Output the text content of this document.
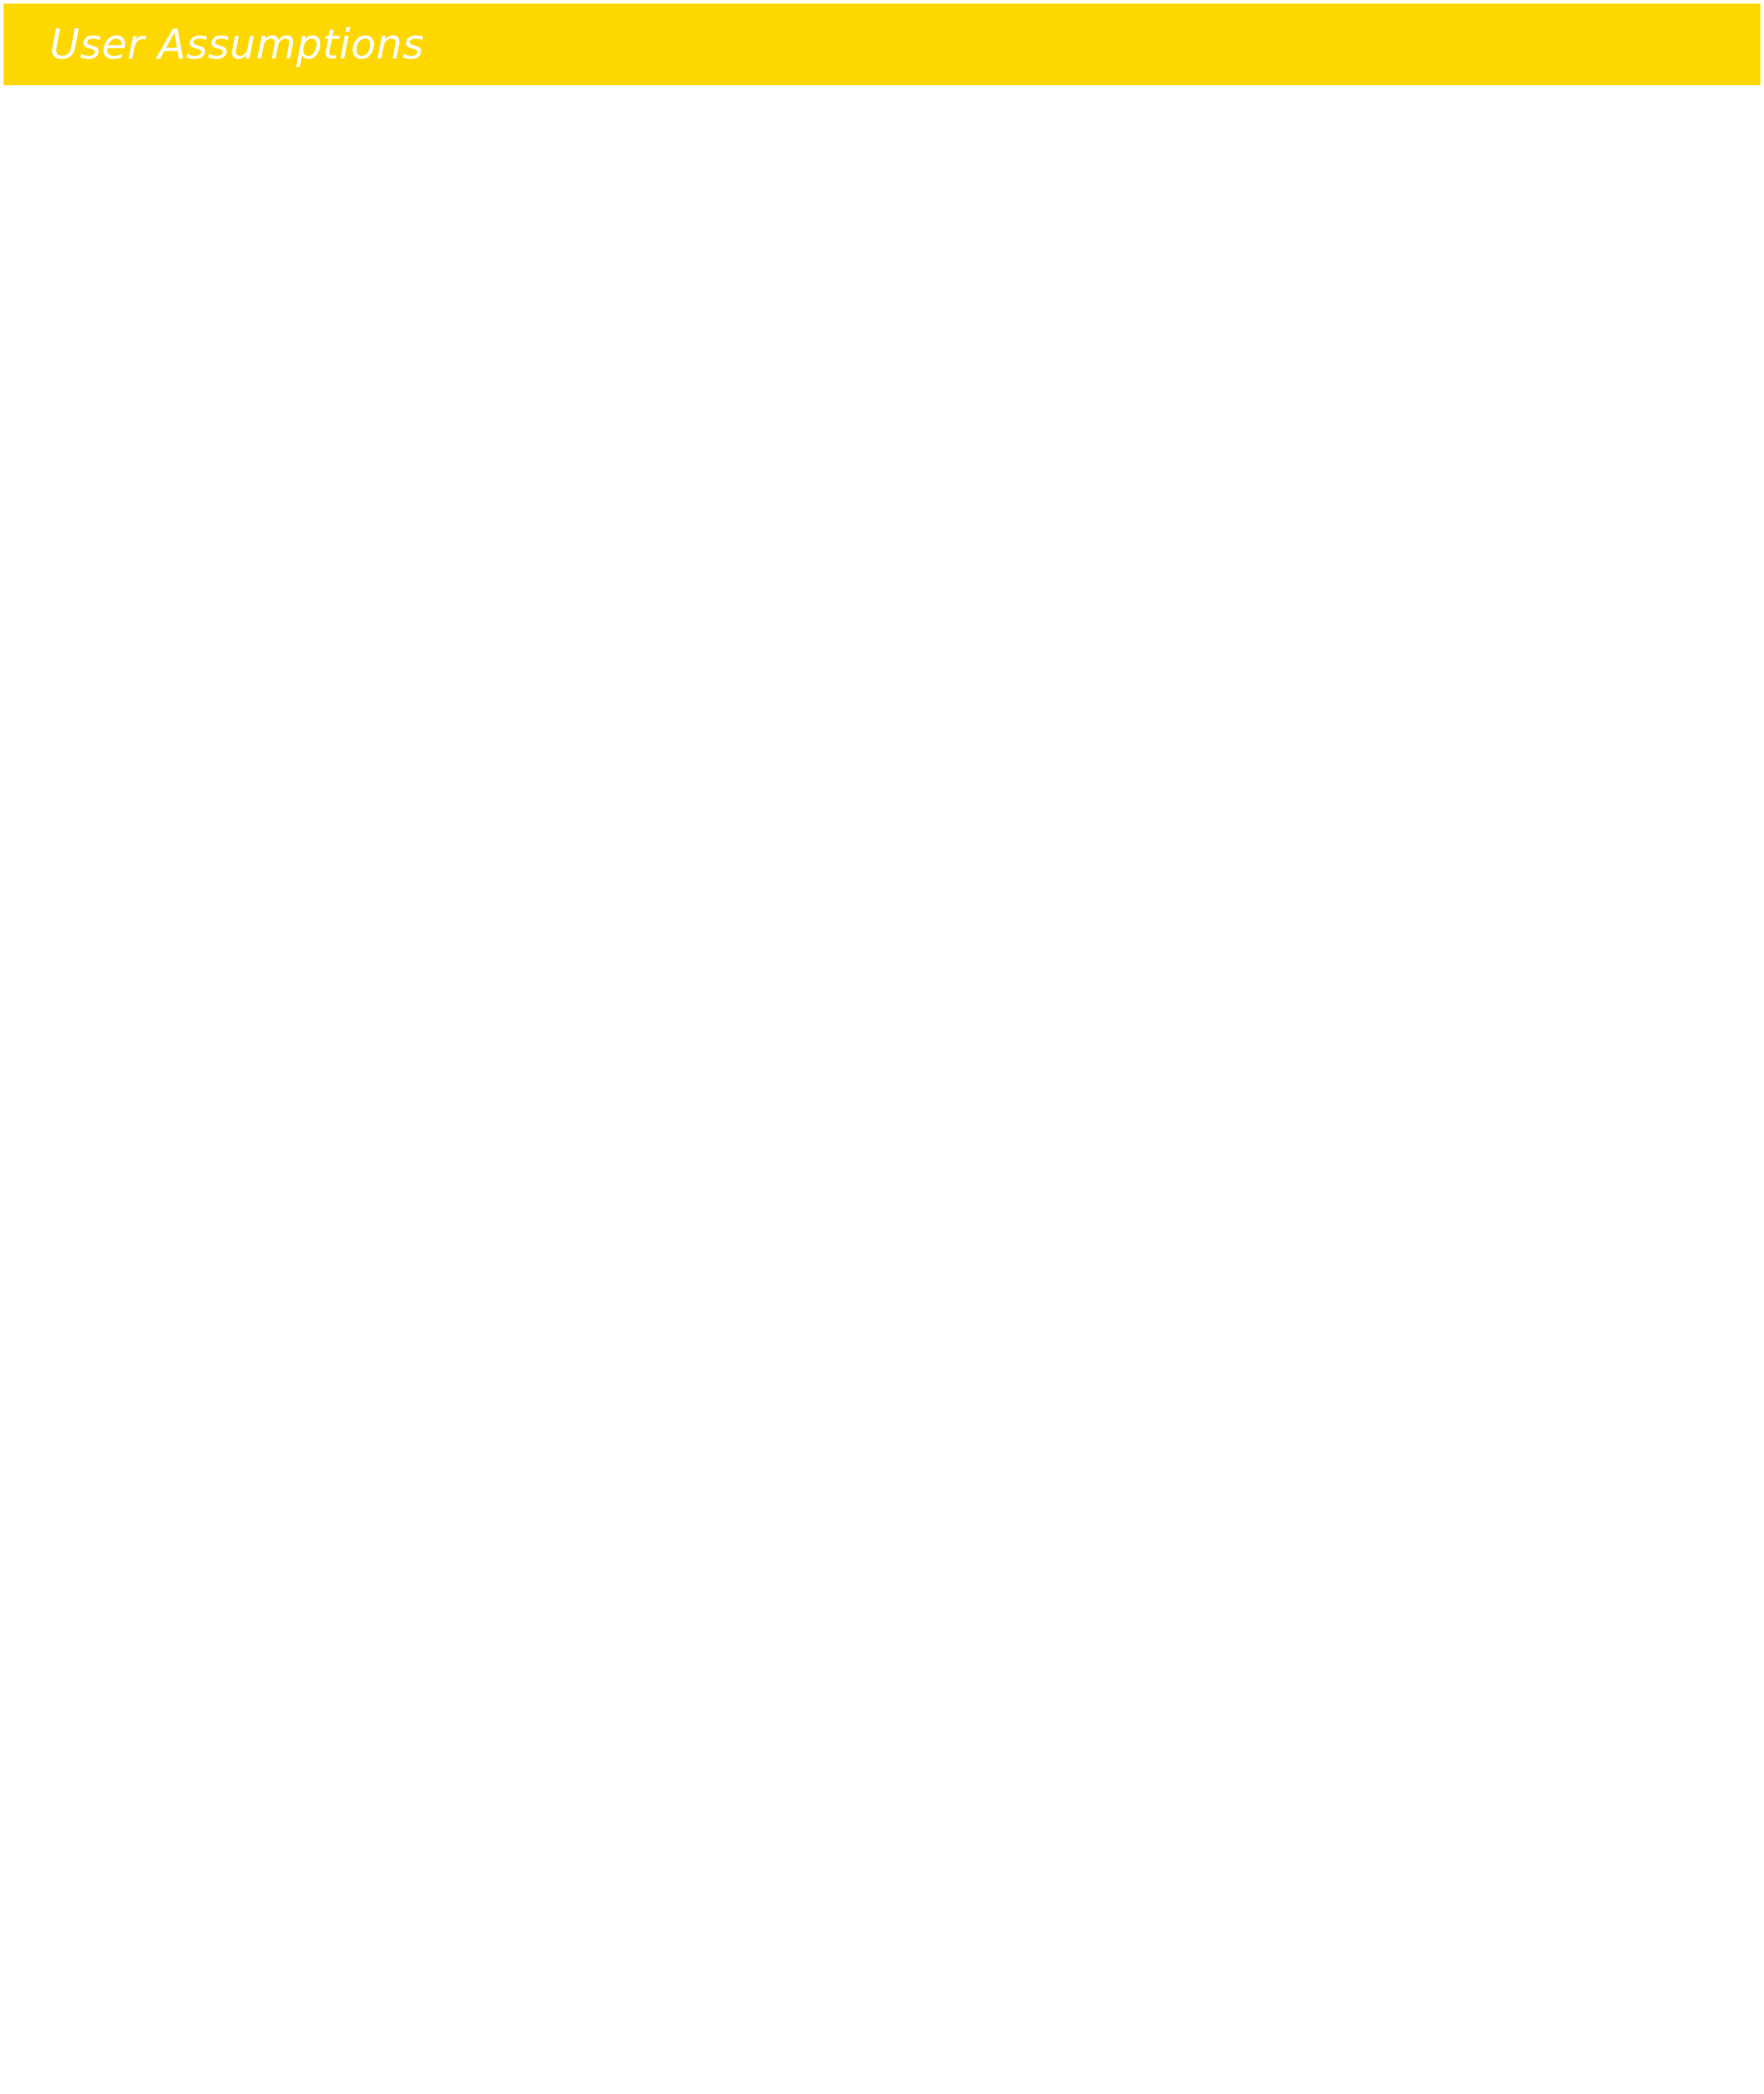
User Assumptions
